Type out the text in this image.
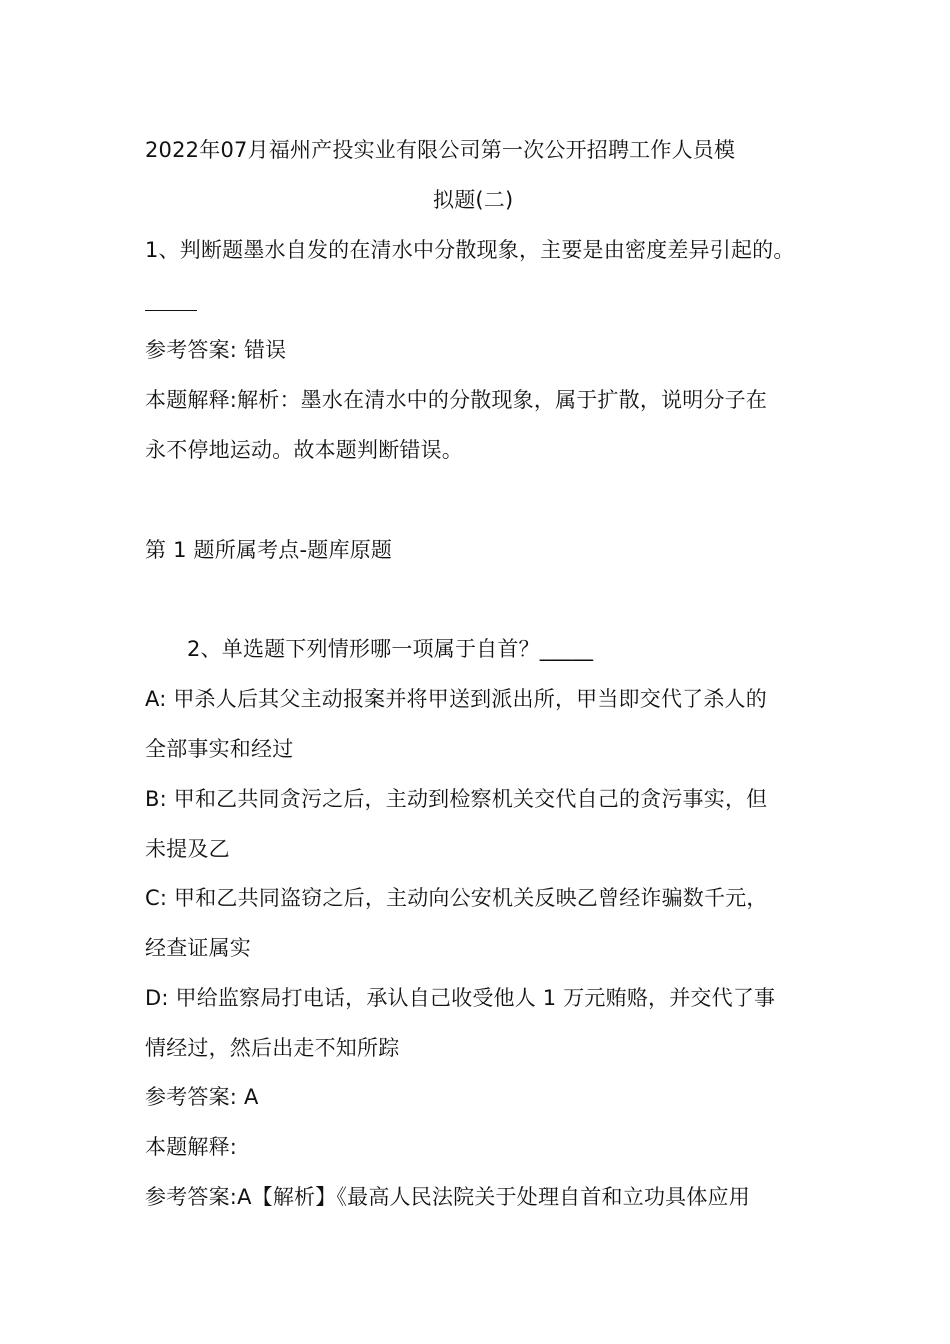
2022年07月福州产投实业有限公司第一次公开招聘工作人员模
拟题(二)
1、判断题墨水自发的在清水中分散现象，主要是由密度差异引起的。
参考答案: 错误
本题解释:解析：墨水在清水中的分散现象，属于扩散，说明分子在
永不停地运动。故本题判断错误。
第 1 题所属考点-题库原题
2、单选题下列情形哪一项属于自首？_____
A: 甲杀人后其父主动报案并将甲送到派出所，甲当即交代了杀人的
全部事实和经过
B: 甲和乙共同贪污之后，主动到检察机关交代自己的贪污事实，但
未提及乙
C: 甲和乙共同盗窃之后，主动向公安机关反映乙曾经诈骗数千元，
经查证属实
D: 甲给监察局打电话，承认自己收受他人 1 万元贿赂，并交代了事
情经过，然后出走不知所踪
参考答案: A
本题解释:
参考答案:A【解析】《最高人民法院关于处理自首和立功具体应用
